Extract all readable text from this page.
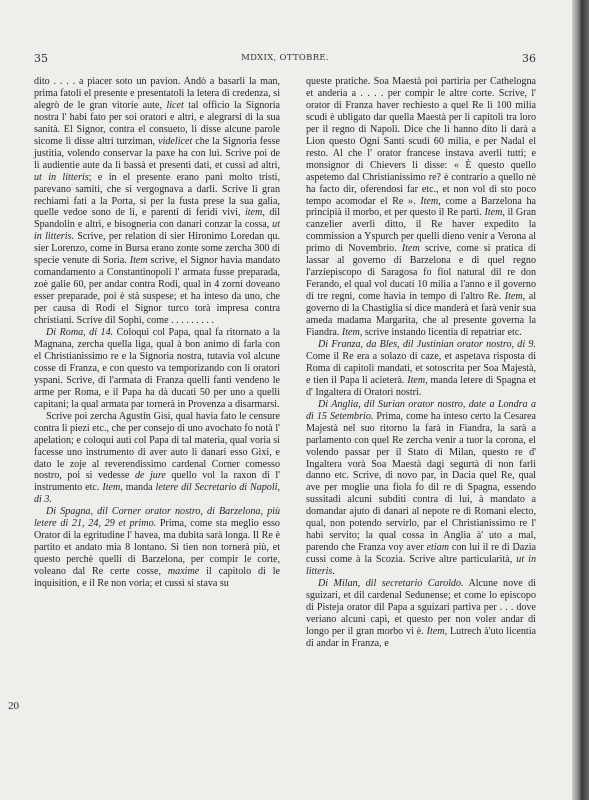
35	MDXIX, OTTOBRE.	36
20

dito . . . . a piacer soto un pavion. Andò a basarli la man, prima fatoli el presente e presentatoli la letera di credenza, si alegrò de le gran vitorie aute, licet tal officio la Signoria nostra l' habi fato per soi oratori e altri, e alegrarsi di la sua sanità. El Signor, contra el consueto, li disse alcune parole sicome li disse altri turziman, videlicet che la Signoria fesse justitia, volendo conservar la paxe ha con lui. Scrive poi de li audientie aute da li bassà et presenti dati, et cussì ad altri, ut in litteris; e in el presente erano pani molto tristi, parevano samiti, che si vergognava a darli. Scrive li gran rechiami fati a la Porta, si per la fusta prese la sua galia, quelle vedoe sono de lì, e parenti di feridi vivi, item, dil Spandolin e altri, e bisogneria con danari conzar la cossa, ut in litteris. Scrive, per relation di sier Hironimo Loredan qu. sier Lorenzo, come in Bursa erano zonte some zercha 300 di specie venute di Soria. Item scrive, el Signor havia mandato comandamento a Constantinopoli l' armata fusse preparada, zoè galie 60, per andar contra Rodi, qual in 4 zorni doveano esser preparade, poi è stà suspese; et ha inteso da uno, che per causa di Rodi el Signor turco torà impresa contra christiani. Scrive dil Sophì, come . . . . . . . . .

Di Roma, di 14. Coloqui col Papa, qual fa ritornato a la Magnana, zercha quella liga, qual à bon animo di farla con el Christianissimo re e la Signoria nostra, tutavia vol alcune cosse di Franza, e con questo va temporizando con li oratori yspani. Scrive, di l'armata di Franza quelli fanti vendeno le arme per Roma, e il Papa ha dà ducati 50 per uno a quelli capitani; la qual armata par tornerà in Provenza a disarmarsi.

Scrive poi zercha Agustin Gisi, qual havia fato le censure contra li piezi etc., che per consejo di uno avochato fo notà l' apelation; e coloqui auti col Papa di tal materia, qual voria si facesse uno instrumento di aver auto li danari esso Gixi, e dato le zoje al reverendissimo cardenal Corner comesso nostro, poi si vedesse de jure quello vol la raxon di l' instrumento etc. Item, manda letere dil Secretario di Napoli, di 3.

Di Spagna, dil Corner orator nostro, di Barzelona, più letere di 21, 24, 29 et primo. Prima, come sta meglio esso Orator di la egritudine l' havea, ma dubita sarà longa. Il Re è partito et andato mia 8 lontano. Si tien non tornerà più, et questo perchè quelli di Barzelona, per compir le corte, voleano dal Re certe cosse, maxime il capitolo di le inquisition, e il Re non voria; et cussì si stava su

queste pratiche. Soa Maestà poi partiria per Cathelogna et anderia a . . . . per compir le altre corte. Scrive, l' orator di Franza haver rechiesto a quel Re li 100 milia scudi è ubligato dar quella Maestà per li capitoli tra loro per il regno di Napoli. Dice che li hanno dito li darà a Lion questo Ogni Santi scudi 60 milia, e per Nadal el resto. Al che l' orator francese instava averli tutti; e monsignor di Chievers li disse: « È questo quello aspetemo dal Christianissimo re? è contrario a quello nè ha facto dir, oferendosi far etc., et non vol di sto poco tempo acomodar el Re ». Item, come a Barzelona ha principià il morbo, et per questo il Re partì. Item, il Gran canzelier averli ditto, il Re haver expedito la commission a Yspurch per quelli dieno venir a Verona al primo di Novembrio. Item scrive, come si pratica di lassar al governo di Barzelona e di quel regno l'arziepiscopo di Saragosa fo fiol natural dil re don Ferando, el qual vol ducati 10 milia a l'anno e il governo di tre regni, come havia in tempo di l'altro Re. Item, al governo di la Chastiglia si dice manderà et farà venir sua ameda madama Margarita, che al presente governa la Fiandra. Item, scrive instando licentia di repatriar etc.

Di Franza, da Bles, dil Justinian orator nostro, di 9. Come il Re era a solazo di caze, et aspetava risposta di Roma di capitoli mandati, et sotoscrita per Soa Majestà, e tien il Papa li acieterà. Item, manda letere di Spagna et d' Ingaltera di Oratori nostri.

Di Anglia, dil Surian orator nostro, date a Londra a dì 15 Setembrio. Prima, come ha inteso certo la Cesarea Majestà nel suo ritorno la farà in Fiandra, la sarà a parlamento con quel Re zercha venir a tuor la corona, el volendo passar per il Stato di Milan, questo re d' Ingaltera vorà Soa Maestà dagi segurtà di non farli danno etc. Scrive, di novo par, in Dacia quel Re, qual ave per moglie una fiola fo dil re di Spagna, essendo sussitadi alcuni subditi contra di lui, à mandato a domandar ajuto di danari al nepote re di Romani electo, qual, non potendo servirlo, par el Christianissimo re l' habi servito; la qual cossa in Anglia à' uto a mal, parendo che Franza voy aver etiam con lui il re di Dazia cussi come à la Scozia. Scrive altre particularità, ut in litteris.

Di Milan, dil secretario Caroldo. Alcune nove di sguizari, et dil cardenal Sedunense; et come lo episcopo di Pisteja orator dil Papa a sguizari partiva per . . . dove veriano alcuni capi, et questo per non voler andar di longo per il gran morbo vi è. Item, Lutrech à'uto licentia di andar in Franza, e
